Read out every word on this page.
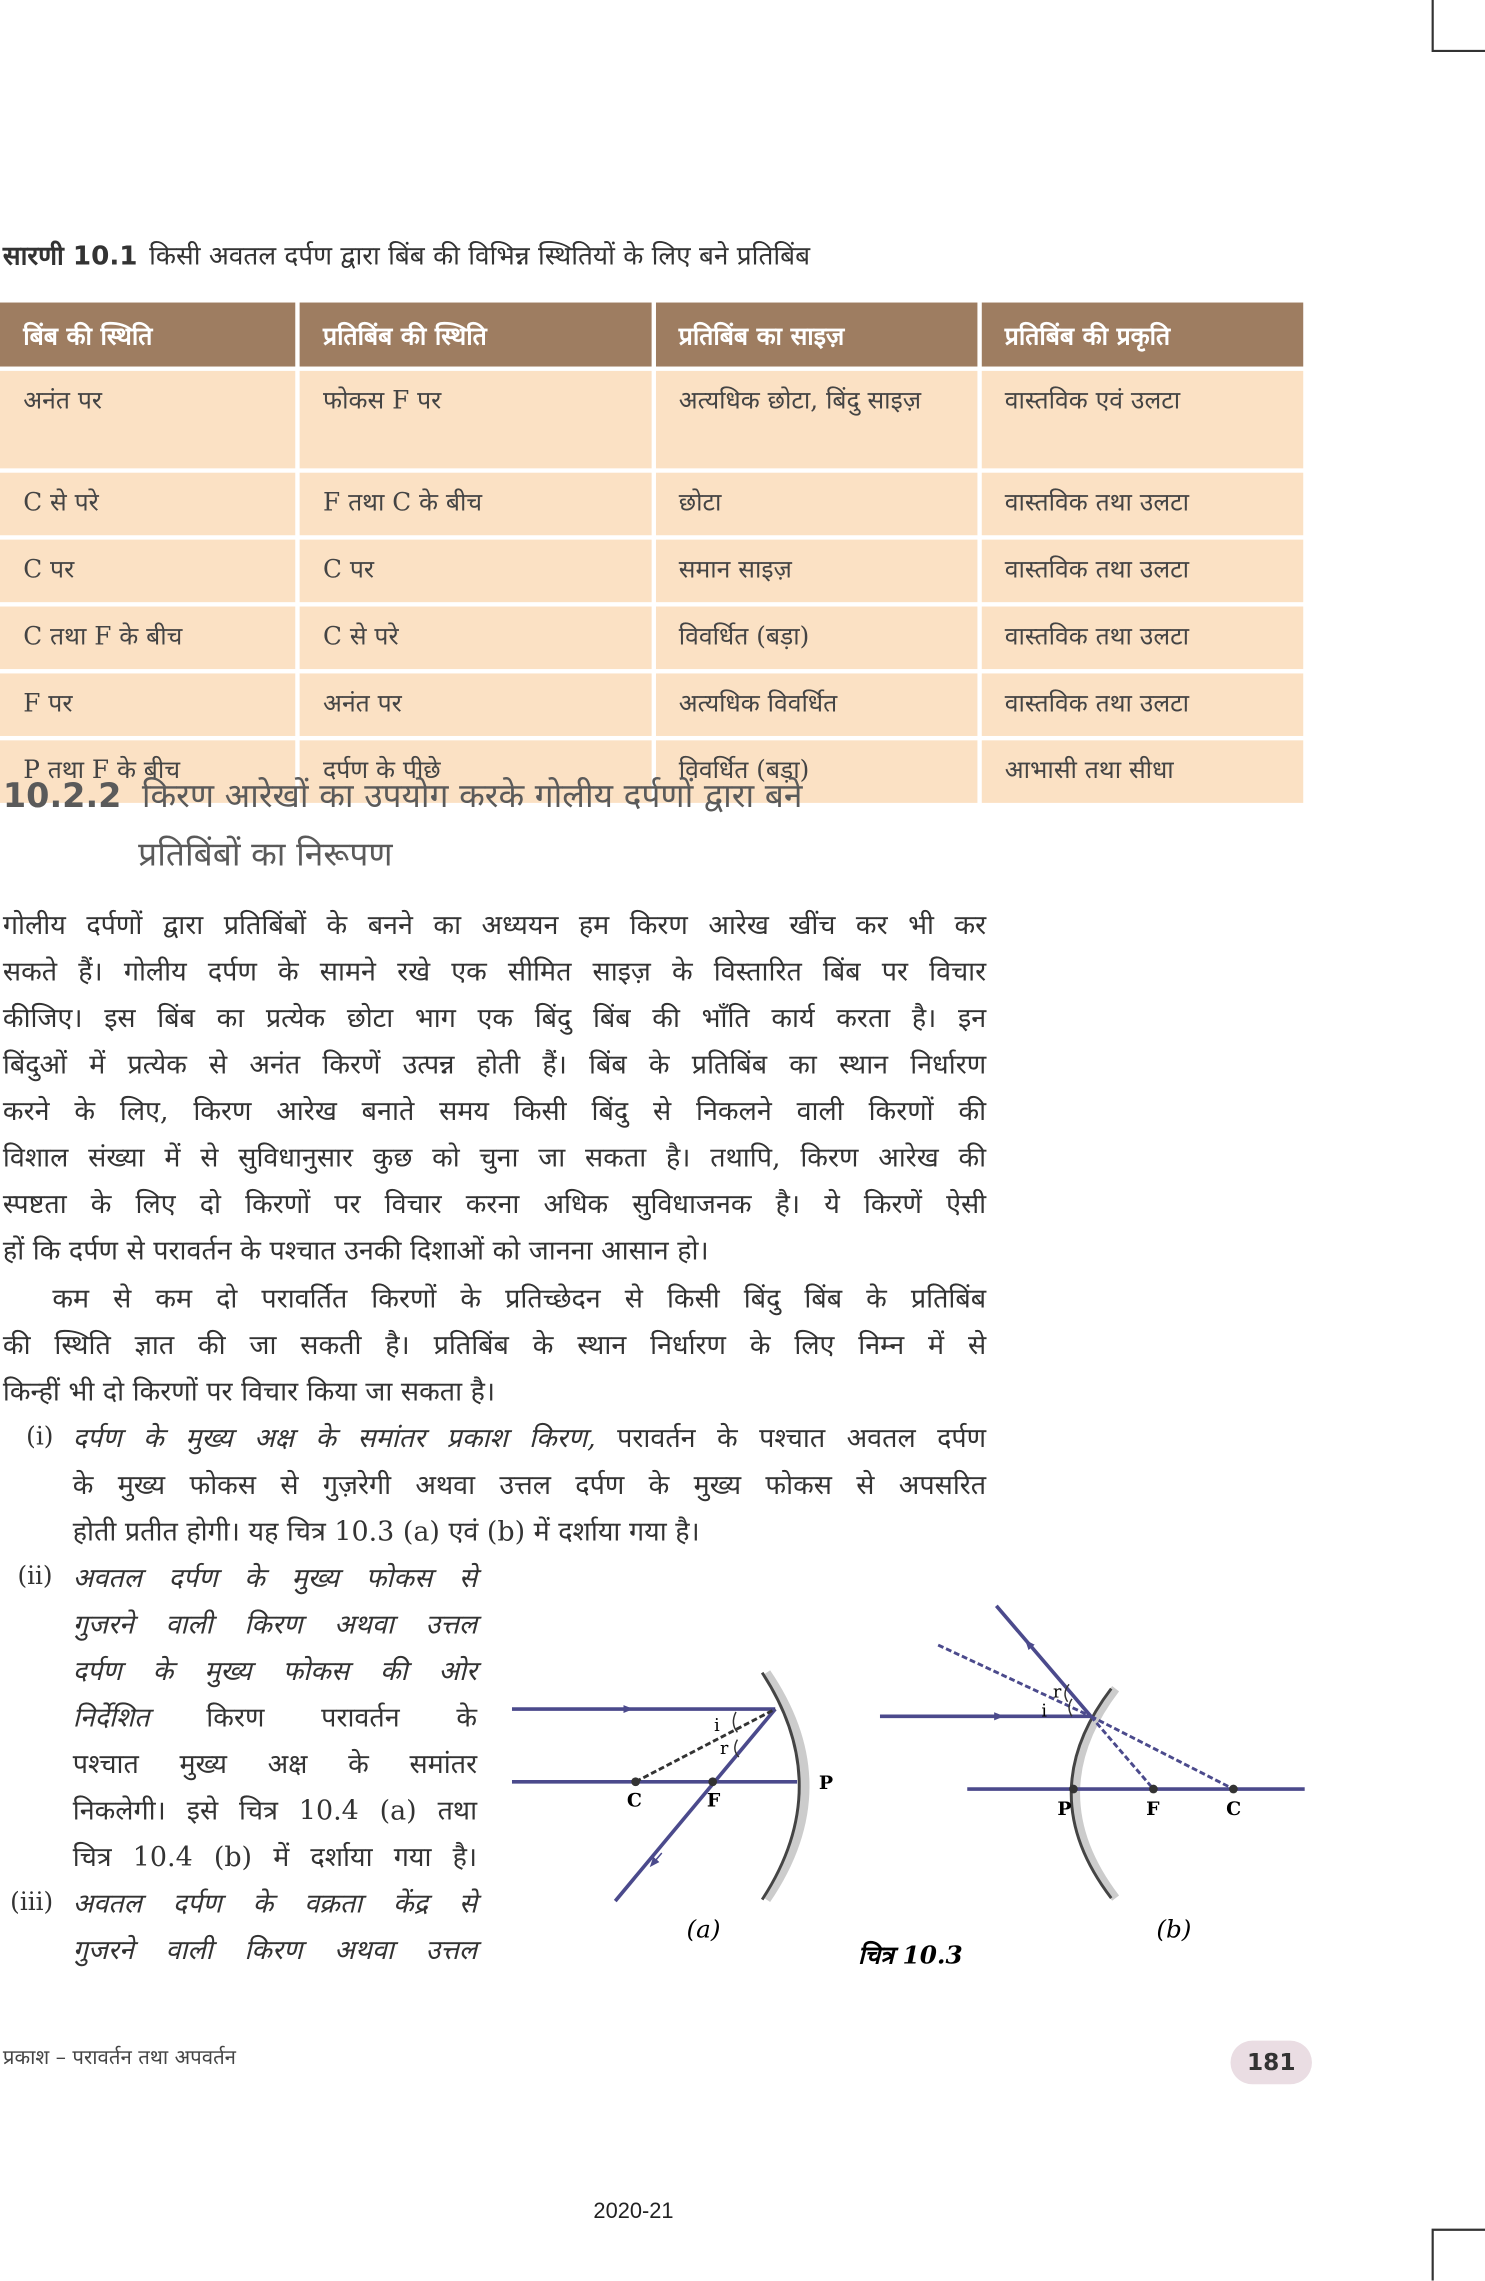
सारणी 10.1 किसी अवतल दर्पण द्वारा बिंब की विभिन्न स्थितियों के लिए बने प्रतिबिंब
बिंब की स्थिति	प्रतिबिंब की स्थिति	प्रतिबिंब का साइज़	प्रतिबिंब की प्रकृति
अनंत पर	फोकस F पर	अत्यधिक छोटा, बिंदु साइज़	वास्तविक एवं उलटा
C से परे	F तथा C के बीच	छोटा	वास्तविक तथा उलटा
C पर	C पर	समान साइज़	वास्तविक तथा उलटा
C तथा F के बीच	C से परे	विवर्धित (बड़ा)	वास्तविक तथा उलटा
F पर	अनंत पर	अत्यधिक विवर्धित	वास्तविक तथा उलटा
P तथा F के बीच	दर्पण के पीछे	विवर्धित (बड़ा)	आभासी तथा सीधा
10.2.2 किरण आरेखों का उपयोग करके गोलीय दर्पणों द्वारा बने
प्रतिबिंबों का निरूपण
गोलीय दर्पणों द्वारा प्रतिबिंबों के बनने का अध्ययन हम किरण आरेख खींच कर भी कर
सकते हैं। गोलीय दर्पण के सामने रखे एक सीमित साइज़ के विस्तारित बिंब पर विचार
कीजिए। इस बिंब का प्रत्येक छोटा भाग एक बिंदु बिंब की भाँति कार्य करता है। इन
बिंदुओं में प्रत्येक से अनंत किरणें उत्पन्न होती हैं। बिंब के प्रतिबिंब का स्थान निर्धारण
करने के लिए, किरण आरेख बनाते समय किसी बिंदु से निकलने वाली किरणों की
विशाल संख्या में से सुविधानुसार कुछ को चुना जा सकता है। तथापि, किरण आरेख की
स्पष्टता के लिए दो किरणों पर विचार करना अधिक सुविधाजनक है। ये किरणें ऐसी
हों कि दर्पण से परावर्तन के पश्चात उनकी दिशाओं को जानना आसान हो।
कम से कम दो परावर्तित किरणों के प्रतिच्छेदन से किसी बिंदु बिंब के प्रतिबिंब
की स्थिति ज्ञात की जा सकती है। प्रतिबिंब के स्थान निर्धारण के लिए निम्न में से
किन्हीं भी दो किरणों पर विचार किया जा सकता है।
(i) दर्पण के मुख्य अक्ष के समांतर प्रकाश किरण, परावर्तन के पश्चात अवतल दर्पण
के मुख्य फोकस से गुज़रेगी अथवा उत्तल दर्पण के मुख्य फोकस से अपसरित
होती प्रतीत होगी। यह चित्र 10.3 (a) एवं (b) में दर्शाया गया है।
(ii) अवतल दर्पण के मुख्य फोकस से
गुजरने वाली किरण अथवा उत्तल
दर्पण के मुख्य फोकस की ओर
निर्देशित	किरण परावर्तन के
पश्चात मुख्य अक्ष के समांतर
निकलेगी। इसे चित्र 10.4 (a) तथा
चित्र 10.4 (b) में दर्शाया गया है।
(iii) अवतल दर्पण के वक्रता केंद्र से
गुजरने वाली किरण अथवा उत्तल
C	F
P
i
r
(a)
P	F	C
i
r
(b)
चित्र 10.3
प्रकाश – परावर्तन तथा अपवर्तन	181
2020-21
